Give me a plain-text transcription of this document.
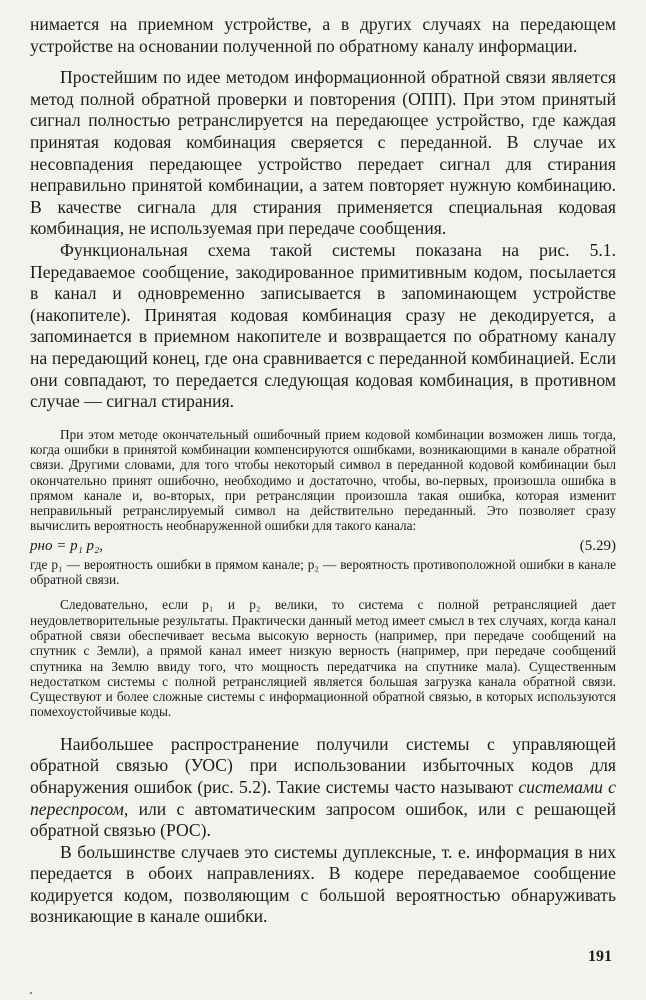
нимается на приемном устройстве, а в других случаях на передающем устройстве на основании полученной по обратному каналу информации.

Простейшим по идее методом информационной обратной связи является метод полной обратной проверки и повторения (ОПП). При этом принятый сигнал полностью ретранслируется на передающее устройство, где каждая принятая кодовая комбинация сверяется с переданной. В случае их несовпадения передающее устройство передает сигнал для стирания неправильно принятой комбинации, а затем повторяет нужную комбинацию. В качестве сигнала для стирания применяется специальная кодовая комбинация, не используемая при передаче сообщения.

Функциональная схема такой системы показана на рис. 5.1. Передаваемое сообщение, закодированное примитивным кодом, посылается в канал и одновременно записывается в запоминающем устройстве (накопителе). Принятая кодовая комбинация сразу не декодируется, а запоминается в приемном накопителе и возвращается по обратному каналу на передающий конец, где она сравнивается с переданной комбинацией. Если они совпадают, то передается следующая кодовая комбинация, в противном случае — сигнал стирания.

При этом методе окончательный ошибочный прием кодовой комбинации возможен лишь тогда, когда ошибки в принятой комбинации компенсируются ошибками, возникающими в канале обратной связи. Другими словами, для того чтобы некоторый символ в переданной кодовой комбинации был окончательно принят ошибочно, необходимо и достаточно, чтобы, во-первых, произошла ошибка в прямом канале и, во-вторых, при ретрансляции произошла такая ошибка, которая изменит неправильный ретранслируемый символ на действительно переданный. Это позволяет сразу вычислить вероятность необнаруженной ошибки для такого канала:

pно = p₁ p₂,	(5.29)

где p₁ — вероятность ошибки в прямом канале; p₂ — вероятность противоположной ошибки в канале обратной связи.

Следовательно, если p₁ и p₂ велики, то система с полной ретрансляцией дает неудовлетворительные результаты. Практически данный метод имеет смысл в тех случаях, когда канал обратной связи обеспечивает весьма высокую верность (например, при передаче сообщений на спутник с Земли), а прямой канал имеет низкую верность (например, при передаче сообщений спутника на Землю ввиду того, что мощность передатчика на спутнике мала). Существенным недостатком системы с полной ретрансляцией является большая загрузка канала обратной связи. Существуют и более сложные системы с информационной обратной связью, в которых используются помехоустойчивые коды.

Наибольшее распространение получили системы с управляющей обратной связью (УОС) при использовании избыточных кодов для обнаружения ошибок (рис. 5.2). Такие системы часто называют системами с переспросом, или с автоматическим запросом ошибок, или с решающей обратной связью (РОС).

В большинстве случаев это системы дуплексные, т. е. информация в них передается в обоих направлениях. В кодере передаваемое сообщение кодируется кодом, позволяющим с большой вероятностью обнаруживать возникающие в канале ошибки.

191
